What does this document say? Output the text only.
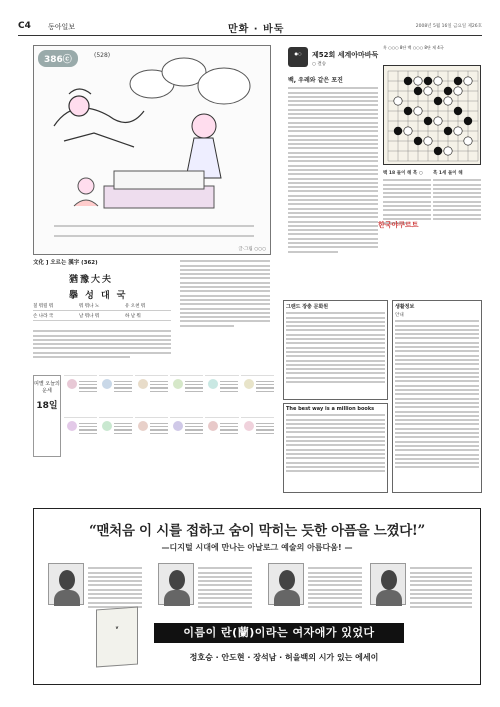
C4 동아일보	만화 · 바둑	2008년 5월 16일 금요일 제26호
386ⓒ	(528)
글·그림 ○○○
文化 ] 오르는 漢字 (362)
猶豫大夫
擧 성 대 국
칠 뭐릴 뭐	뭐 뭐나 노	유 오천 뭐
손 나라 국	날 뭐나 뭐	하 날 뭐
띠별 오늘의 운세
18일
●○	제52회 세계아마바둑
○ 결승
백, 우레와 같은 포진
흑 ○○○ 8단 백 ○○○ 8단 제 4국
백 18 돌이 해 흑 ○ 흑 1세 돌이 해
한국야쿠르트
그랜드 장충 문화원
The best way is a million books
생활정보
안내
“맨처음 이 시를 접하고 숨이 막히는 듯한 아픔을 느꼈다!”
—디지털 시대에 만나는 아날로그 예술의 아름다움! —
❦	이름이 란(蘭)이라는 여자애가 있었다
정호승 · 안도현 · 장석남 · 허을백의 시가 있는 에세이
